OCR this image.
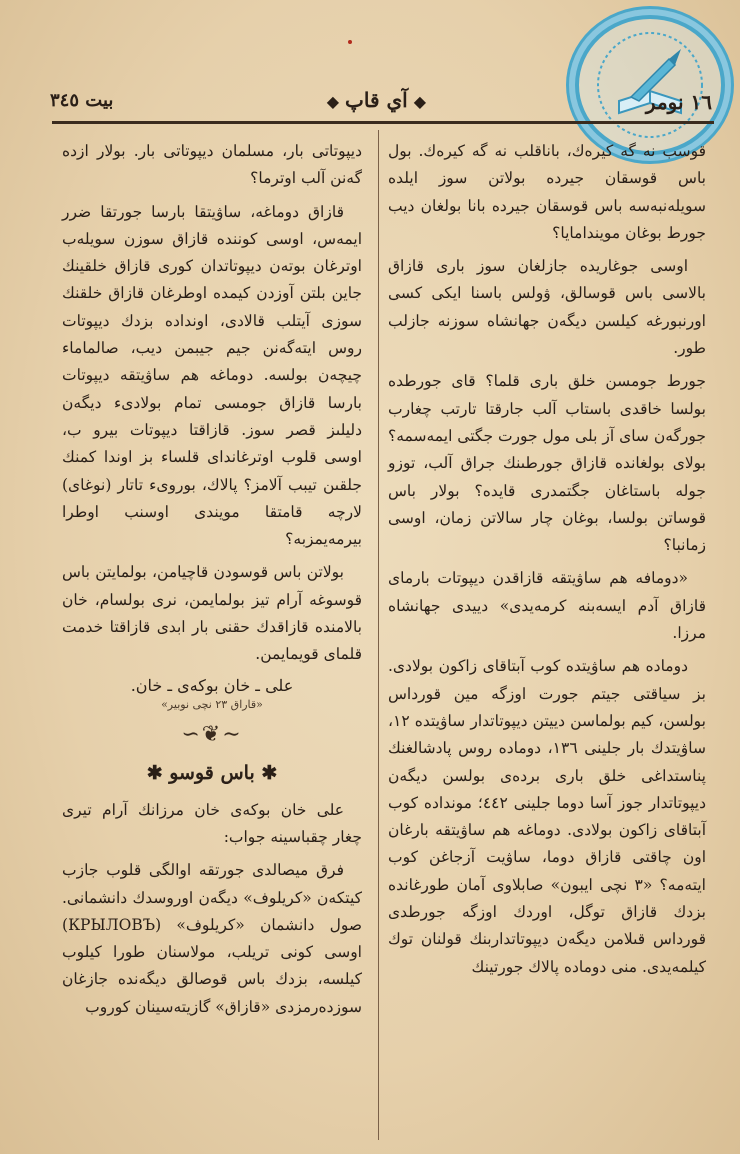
١٦ نومر
◆آي قاپ◆
بيت ٣٤٥

قوسب نه گه كيرەك، باناقلب نه گه كيرەك. بول باس قوسقان جيرده بولاتن سوز ايلدە سويلەنبەسە باس قوسقان جيرده بانا بولغان دیب جورط بوغان مويندامايا؟

اوسى جوغاريده جازلغان سوز بارى قازاق بالاسى باس قوسالق، ۋولس باسنا ايكى كسى اورنبورغە كيلسن ديگەن جهانشاه سوزنە جازلب طور.

جورط جومسن خلق بارى قلما؟ قاى جورطده بولسا خاقدى باستاب آلب جارقتا تارتب چغارب جورگەن ساى آز بلى مول جورت جگتى ايمەسمە؟ بولاى بولغاندە قازاق جورطىنك جراق آلب، توزو جوله باستاغان جگتمدرى قايده؟ بولار باس قوساتن بولسا، بوغان چار سالاتن زمان، اوسى زمانبا؟

«دومافە هم ساۋيتقه قازاقدن ديپوتات بارماى قازاق آدم ايسەبنە كرمەيدى» دييدى جهانشاه مرزا.

دوماده هم ساۋيتده كوب آبتاقاى زاكون بولادى. بز سياقتى جيتم جورت اوزگه مين قورداس بولسن، كيم بولماسن دييتن ديپوتاتدار ساۋيتده ١٢، ساۋيتدك بار جلينى ١٣٦، دوماده روس پادشالغنك پناستداغى خلق بارى برده‌ى بولسن ديگەن ديپوتاتدار جوز آسا دوما جلينى ٤٤٢؛ مونداده كوب آبتاقاى زاكون بولادى. دوماغه هم ساۋيتقه بارغان اون چاقتى قازاق دوما، ساۋيت آزجاغن كوب ايتەمە؟ «٣ نچى ايبون» صابلاوى آمان طورغانده بزدك قازاق توگل، اوردك اوزگه جورطدى قورداس قىلامن ديگەن ديپوتاتداربنك قولنان توك كيلمەيدى. منى دوماده پالاك جورتينك

ديپوتاتى بار، مسلمان ديپوتاتى بار. بولار ازده گەنن آلب اوترما؟

قازاق دوماغە، ساۋيتقا بارسا جورتقا ضرر ايمەس، اوسى كوننده قازاق سوزن سويلەب اوترغان بوتەن ديپوتاتدان كورى قازاق خلقينك جاين بلتن آوزدن كيمده اوطرغان قازاق خلقنك سوزى آيتلب قالادى، اونداده بزدك ديپوتات روس ايتەگەنن جيم جيبمن دیب، صالماماء چيچەن بولسە. دوماغه هم ساۋيتقه ديپوتات بارسا قازاق جومسى تمام بولادىء ديگەن دليلىز قصر سوز. قازاقتا ديپوتات بيرو ب، اوسى قلوب اوترغانداى قلساء بز اوندا كمنك جلقىن تيبب آلامز؟ پالاك، بوروىء تاتار (نوغاى) لارچه قامتقا مويندى اوسنب اوطرا بيرمەيمزبه؟

بولاتن باس قوسودن قاچيامن، بولمايتن باس قوسوغه آرام تيز بولمايمن، نرى بولسام، خان بالامنده قازاقدك حقنى بار ابدى قازاقتا خدمت قلماى قويمايمن.

على ـ خان بوكەى ـ خان.
«قاراق ٢٣ نچى نوبير»
∽❦∼
✱ باس قوسو ✱

على خان بوكەى خان مرزانك آرام تيرى چغار چقباسينه جواب:

فرق ميصالدى جورتقه اوالگى قلوب جازب كيتكەن «كريلوف» ديگەن اوروسدك دانشمانى. صول دانشمان «كريلوف» (КРЫЛОВЪ) اوسى كونى تريلب، مولاسنان طورا كيلوب كيلسه، بزدك باس قوصالق ديگەنده جازغان سوزدەرمزدى «قازاق» گازيتەسينان كوروب
